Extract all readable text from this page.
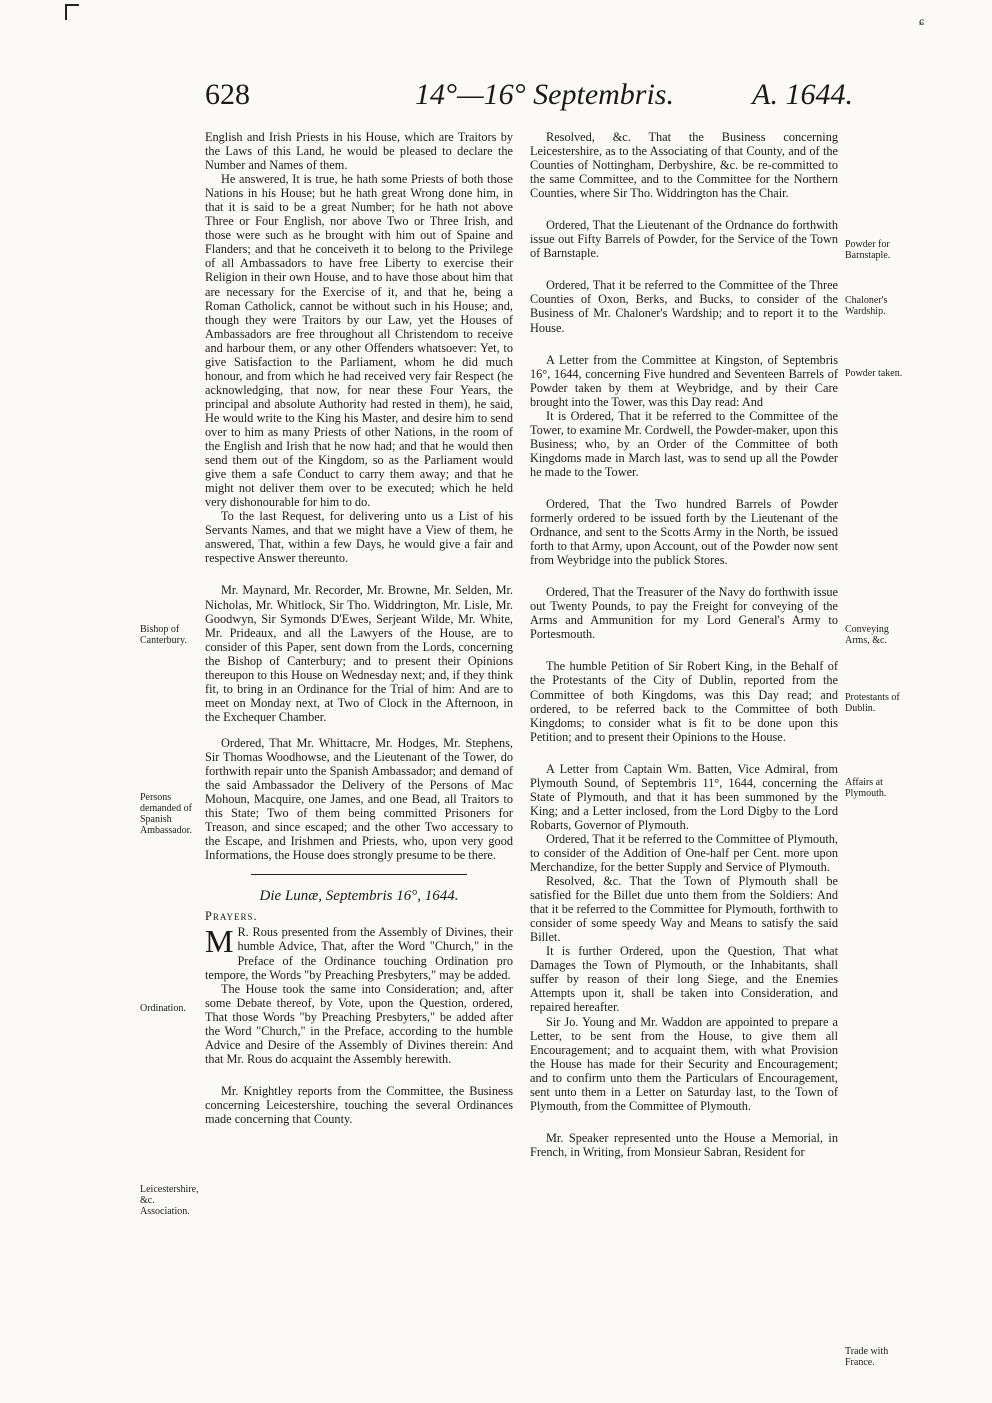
ɕ
628	14°—16° Septembris.	A. 1644.

English and Irish Priests in his House, which are Traitors by the Laws of this Land, he would be pleased to declare the Number and Names of them.

He answered, It is true, he hath some Priests of both those Nations in his House; but he hath great Wrong done him, in that it is said to be a great Number; for he hath not above Three or Four English, nor above Two or Three Irish, and those were such as he brought with him out of Spaine and Flanders; and that he conceiveth it to belong to the Privilege of all Ambassadors to have free Liberty to exercise their Religion in their own House, and to have those about him that are necessary for the Exercise of it, and that he, being a Roman Catholick, cannot be without such in his House; and, though they were Traitors by our Law, yet the Houses of Ambassadors are free throughout all Christendom to receive and harbour them, or any other Offenders whatsoever: Yet, to give Satisfaction to the Parliament, whom he did much honour, and from which he had received very fair Respect (he acknowledging, that now, for near these Four Years, the principal and absolute Authority had rested in them), he said, He would write to the King his Master, and desire him to send over to him as many Priests of other Nations, in the room of the English and Irish that he now had; and that he would then send them out of the Kingdom, so as the Parliament would give them a safe Conduct to carry them away; and that he might not deliver them over to be executed; which he held very dishonourable for him to do.

To the last Request, for delivering unto us a List of his Servants Names, and that we might have a View of them, he answered, That, within a few Days, he would give a fair and respective Answer thereunto.

Mr. Maynard, Mr. Recorder, Mr. Browne, Mr. Selden, Mr. Nicholas, Mr. Whitlock, Sir Tho. Widdrington, Mr. Lisle, Mr. Goodwyn, Sir Symonds D'Ewes, Serjeant Wilde, Mr. White, Mr. Prideaux, and all the Lawyers of the House, are to consider of this Paper, sent down from the Lords, concerning the Bishop of Canterbury; and to present their Opinions thereupon to this House on Wednesday next; and, if they think fit, to bring in an Ordinance for the Trial of him: And are to meet on Monday next, at Two of Clock in the Afternoon, in the Exchequer Chamber.

Ordered, That Mr. Whittacre, Mr. Hodges, Mr. Stephens, Sir Thomas Woodhowse, and the Lieutenant of the Tower, do forthwith repair unto the Spanish Ambassador; and demand of the said Ambassador the Delivery of the Persons of Mac Mohoun, Macquire, one James, and one Bead, all Traitors to this State; Two of them being committed Prisoners for Treason, and since escaped; and the other Two accessary to the Escape, and Irishmen and Priests, who, upon very good Informations, the House does strongly presume to be there.

Die Lunæ, Septembris 16°, 1644.

Prayers.

M R. Rous presented from the Assembly of Divines, their humble Advice, That, after the Word "Church," in the Preface of the Ordinance touching Ordination pro tempore, the Words "by Preaching Presbyters," may be added.

The House took the same into Consideration; and, after some Debate thereof, by Vote, upon the Question, ordered, That those Words "by Preaching Presbyters," be added after the Word "Church," in the Preface, according to the humble Advice and Desire of the Assembly of Divines therein: And that Mr. Rous do acquaint the Assembly herewith.

Mr. Knightley reports from the Committee, the Business concerning Leicestershire, touching the several Ordinances made concerning that County.

Resolved, &c. That the Business concerning Leicestershire, as to the Associating of that County, and of the Counties of Nottingham, Derbyshire, &c. be re-committed to the same Committee, and to the Committee for the Northern Counties, where Sir Tho. Widdrington has the Chair.

Ordered, That the Lieutenant of the Ordnance do forthwith issue out Fifty Barrels of Powder, for the Service of the Town of Barnstaple.

Ordered, That it be referred to the Committee of the Three Counties of Oxon, Berks, and Bucks, to consider of the Business of Mr. Chaloner's Wardship; and to report it to the House.

A Letter from the Committee at Kingston, of Septembris 16°, 1644, concerning Five hundred and Seventeen Barrels of Powder taken by them at Weybridge, and by their Care brought into the Tower, was this Day read: And

It is Ordered, That it be referred to the Committee of the Tower, to examine Mr. Cordwell, the Powder-maker, upon this Business; who, by an Order of the Committee of both Kingdoms made in March last, was to send up all the Powder he made to the Tower.

Ordered, That the Two hundred Barrels of Powder formerly ordered to be issued forth by the Lieutenant of the Ordnance, and sent to the Scotts Army in the North, be issued forth to that Army, upon Account, out of the Powder now sent from Weybridge into the publick Stores.

Ordered, That the Treasurer of the Navy do forthwith issue out Twenty Pounds, to pay the Freight for conveying of the Arms and Ammunition for my Lord General's Army to Portesmouth.

The humble Petition of Sir Robert King, in the Behalf of the Protestants of the City of Dublin, reported from the Committee of both Kingdoms, was this Day read; and ordered, to be referred back to the Committee of both Kingdoms; to consider what is fit to be done upon this Petition; and to present their Opinions to the House.

A Letter from Captain Wm. Batten, Vice Admiral, from Plymouth Sound, of Septembris 11°, 1644, concerning the State of Plymouth, and that it has been summoned by the King; and a Letter inclosed, from the Lord Digby to the Lord Robarts, Governor of Plymouth.

Ordered, That it be referred to the Committee of Plymouth, to consider of the Addition of One-half per Cent. more upon Merchandize, for the better Supply and Service of Plymouth.

Resolved, &c. That the Town of Plymouth shall be satisfied for the Billet due unto them from the Soldiers: And that it be referred to the Committee for Plymouth, forthwith to consider of some speedy Way and Means to satisfy the said Billet.

It is further Ordered, upon the Question, That what Damages the Town of Plymouth, or the Inhabitants, shall suffer by reason of their long Siege, and the Enemies Attempts upon it, shall be taken into Consideration, and repaired hereafter.

Sir Jo. Young and Mr. Waddon are appointed to prepare a Letter, to be sent from the House, to give them all Encouragement; and to acquaint them, with what Provision the House has made for their Security and Encouragement; and to confirm unto them the Particulars of Encouragement, sent unto them in a Letter on Saturday last, to the Town of Plymouth, from the Committee of Plymouth.

Mr. Speaker represented unto the House a Memorial, in French, in Writing, from Monsieur Sabran, Resident for

Bishop of Canterbury.
Persons demanded of Spanish Ambassador.
Ordination.
Leicestershire, &c. Association.
Powder for Barnstaple.
Chaloner's Wardship.
Powder taken.
Conveying Arms, &c.
Protestants of Dublin.
Affairs at Plymouth.
Trade with France.
